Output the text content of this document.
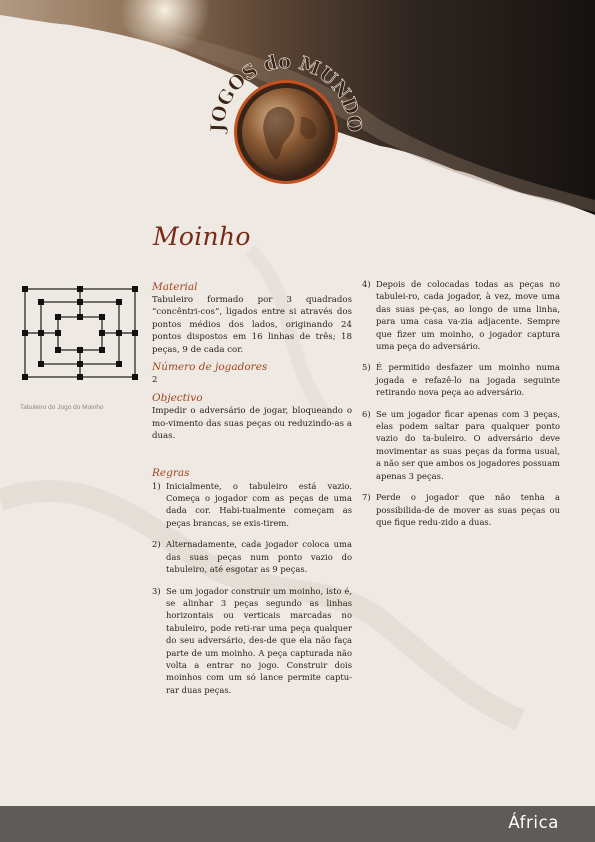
JOGOS do MUNDO
Moinho
Tabuleiro do Jogo do Moinho
Material
Tabuleiro formado por 3 quadrados “concêntri-cos”, ligados entre si através dos pontos médios dos lados, originando 24 pontos dispostos em 16 linhas de três; 18 peças, 9 de cada cor.
Número de jogadores
2
Objectivo
Impedir o adversário de jogar, bloqueando o mo-vimento das suas peças ou reduzindo-as a duas.
Regras
1) Inicialmente, o tabuleiro está vazio. Começa o jogador com as peças de uma dada cor. Habi-tualmente começam as peças brancas, se exis-tirem.
2) Alternadamente, cada jogador coloca uma das suas peças num ponto vazio do tabuleiro, até esgotar as 9 peças.
3) Se um jogador construir um moinho, isto é, se alinhar 3 peças segundo as linhas horizontais ou verticais marcadas no tabuleiro, pode reti-rar uma peça qualquer do seu adversário, des-de que ela não faça parte de um moinho. A peça capturada não volta a entrar no jogo. Construir dois moinhos com um só lance permite captu-rar duas peças.
4) Depois de colocadas todas as peças no tabulei-ro, cada jogador, à vez, move uma das suas pe-ças, ao longo de uma linha, para uma casa va-zia adjacente. Sempre que fizer um moinho, o jogador captura uma peça do adversário.
5) É permitido desfazer um moinho numa jogada e refazê-lo na jogada seguinte retirando nova peça ao adversário.
6) Se um jogador ficar apenas com 3 peças, elas podem saltar para qualquer ponto vazio do ta-buleiro. O adversário deve movimentar as suas peças da forma usual, a não ser que ambos os jogadores possuam apenas 3 peças.
7) Perde o jogador que não tenha a possibilida-de de mover as suas peças ou que fique redu-zido a duas.
África
